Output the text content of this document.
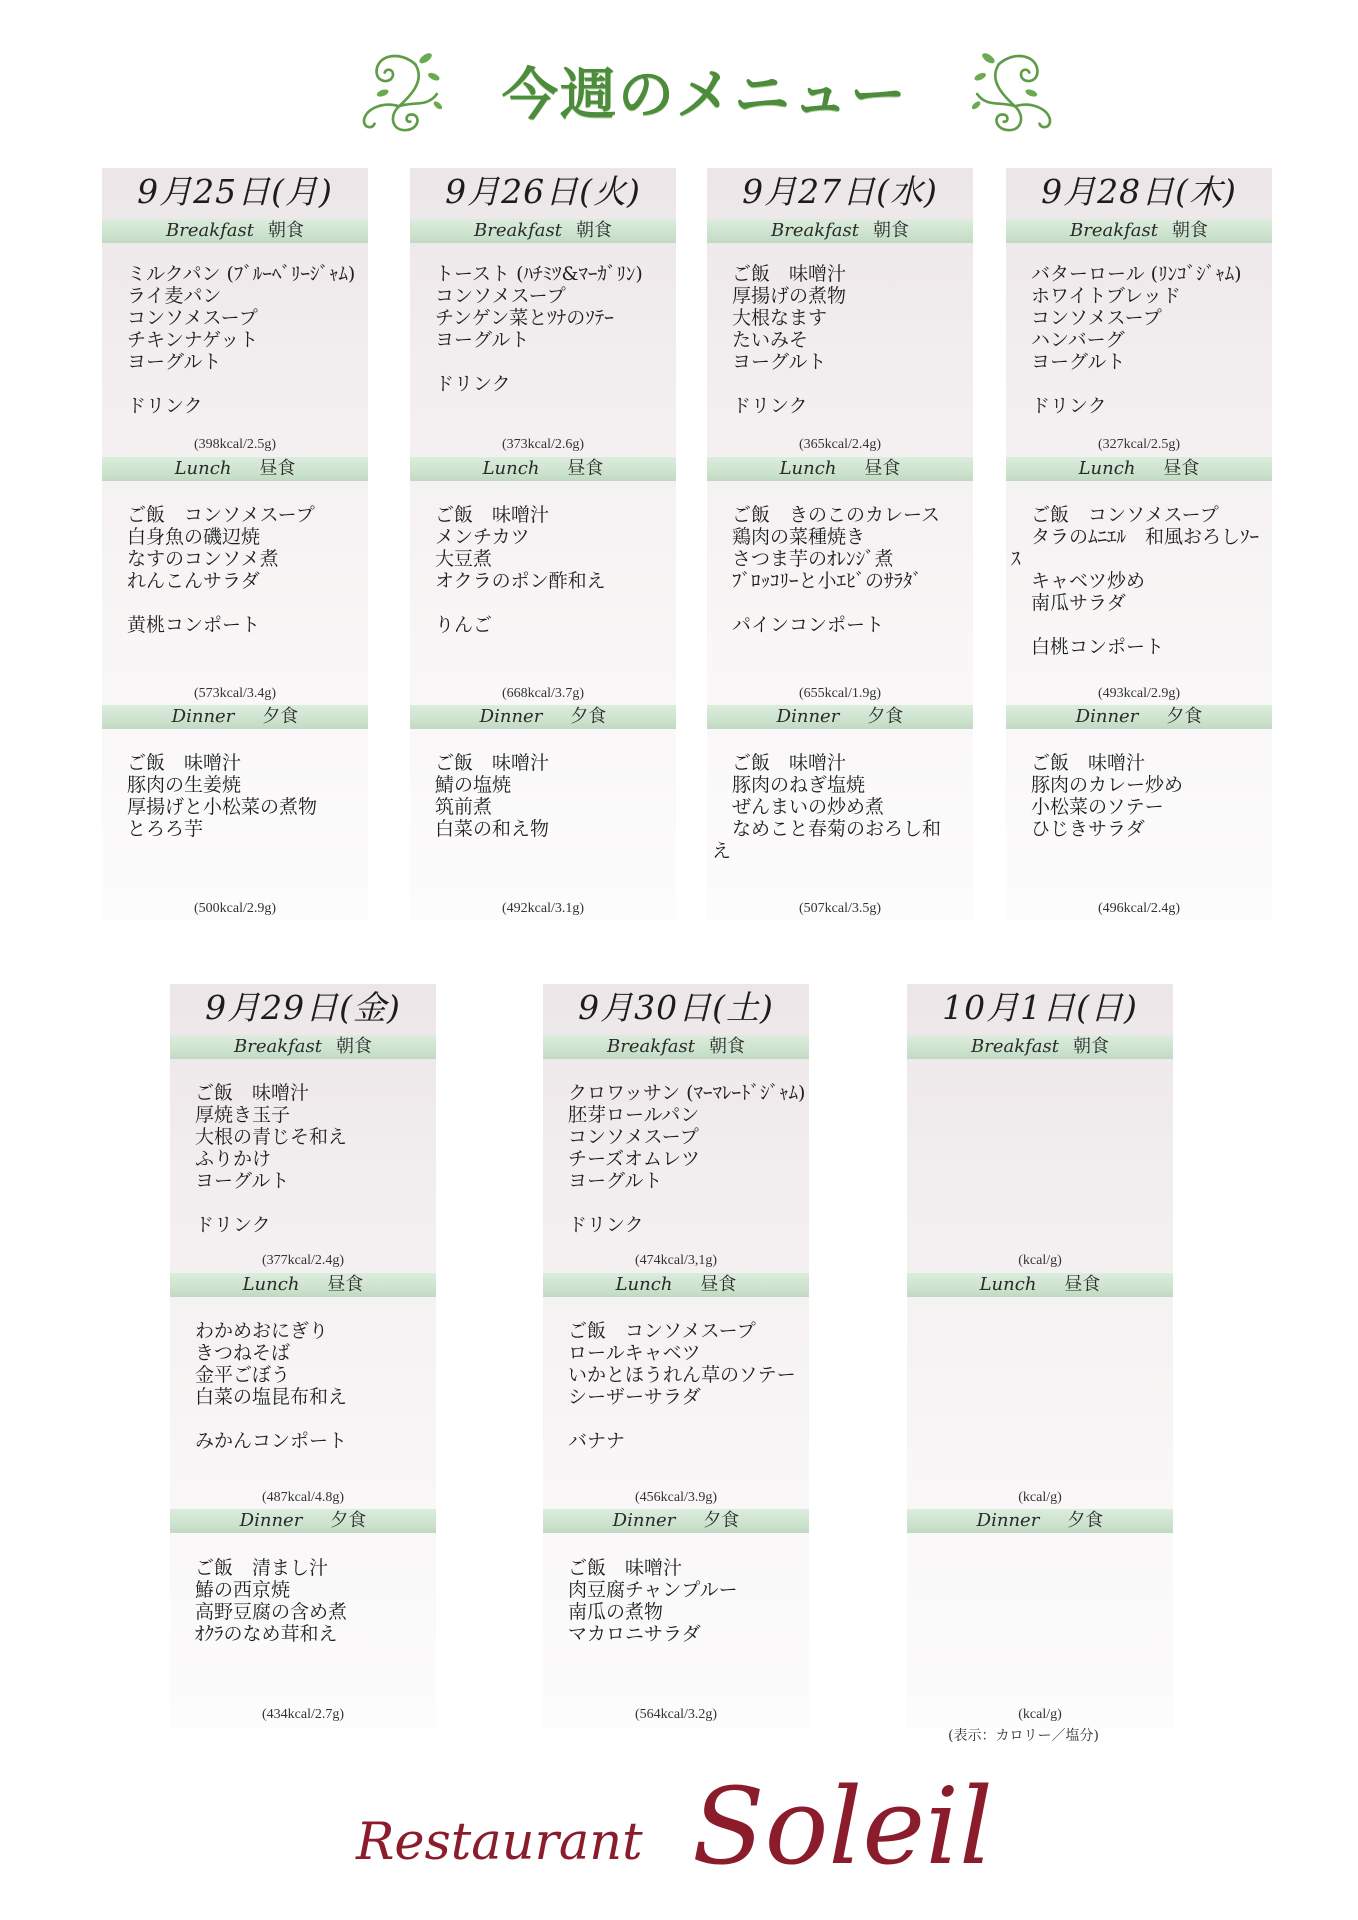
今週のメニュー
9月25日(月)
Breakfast 朝食
ミルクパン (ﾌﾞﾙｰﾍﾞﾘｰｼﾞｬﾑ)
ライ麦パン
コンソメスープ
チキンナゲット
ヨーグルト
ドリンク
(398kcal/2.5g)
Lunch 昼食
ご飯　コンソメスープ
白身魚の磯辺焼
なすのコンソメ煮
れんこんサラダ
黄桃コンポート
(573kcal/3.4g)
Dinner 夕食
ご飯　味噌汁
豚肉の生姜焼
厚揚げと小松菜の煮物
とろろ芋
(500kcal/2.9g)
9月26日(火)
Breakfast 朝食
トースト (ﾊﾁﾐﾂ&ﾏｰｶﾞﾘﾝ)
コンソメスープ
チンゲン菜とﾂﾅのｿﾃｰ
ヨーグルト
ドリンク
(373kcal/2.6g)
Lunch 昼食
ご飯　味噌汁
メンチカツ
大豆煮
オクラのポン酢和え
りんご
(668kcal/3.7g)
Dinner 夕食
ご飯　味噌汁
鯖の塩焼
筑前煮
白菜の和え物
(492kcal/3.1g)
9月27日(水)
Breakfast 朝食
ご飯　味噌汁
厚揚げの煮物
大根なます
たいみそ
ヨーグルト
ドリンク
(365kcal/2.4g)
Lunch 昼食
ご飯　きのこのカレース
鶏肉の菜種焼き
さつま芋のｵﾚﾝｼﾞ煮
ﾌﾞﾛｯｺﾘｰと小ｴﾋﾞのｻﾗﾀﾞ
パインコンポート
(655kcal/1.9g)
Dinner 夕食
ご飯　味噌汁
豚肉のねぎ塩焼
ぜんまいの炒め煮
なめこと春菊のおろし和
え
(507kcal/3.5g)
9月28日(木)
Breakfast 朝食
バターロール (ﾘﾝｺﾞｼﾞｬﾑ)
ホワイトブレッド
コンソメスープ
ハンバーグ
ヨーグルト
ドリンク
(327kcal/2.5g)
Lunch 昼食
ご飯　コンソメスープ
タラのﾑﾆｴﾙ　和風おろしｿｰ
ｽ
キャベツ炒め
南瓜サラダ
白桃コンポート
(493kcal/2.9g)
Dinner 夕食
ご飯　味噌汁
豚肉のカレー炒め
小松菜のソテー
ひじきサラダ
(496kcal/2.4g)
9月29日(金)
Breakfast 朝食
ご飯　味噌汁
厚焼き玉子
大根の青じそ和え
ふりかけ
ヨーグルト
ドリンク
(377kcal/2.4g)
Lunch 昼食
わかめおにぎり
きつねそば
金平ごぼう
白菜の塩昆布和え
みかんコンポート
(487kcal/4.8g)
Dinner 夕食
ご飯　清まし汁
鰆の西京焼
高野豆腐の含め煮
ｵｸﾗのなめ茸和え
(434kcal/2.7g)
9月30日(土)
Breakfast 朝食
クロワッサン (ﾏｰﾏﾚｰﾄﾞｼﾞｬﾑ)
胚芽ロールパン
コンソメスープ
チーズオムレツ
ヨーグルト
ドリンク
(474kcal/3,1g)
Lunch 昼食
ご飯　コンソメスープ
ロールキャベツ
いかとほうれん草のソテー
シーザーサラダ
バナナ
(456kcal/3.9g)
Dinner 夕食
ご飯　味噌汁
肉豆腐チャンプルー
南瓜の煮物
マカロニサラダ
(564kcal/3.2g)
10月1日(日)
Breakfast 朝食
(kcal/g)
Lunch 昼食
(kcal/g)
Dinner 夕食
(kcal/g)
(表示：カロリー／塩分)
Restaurant Soleil
